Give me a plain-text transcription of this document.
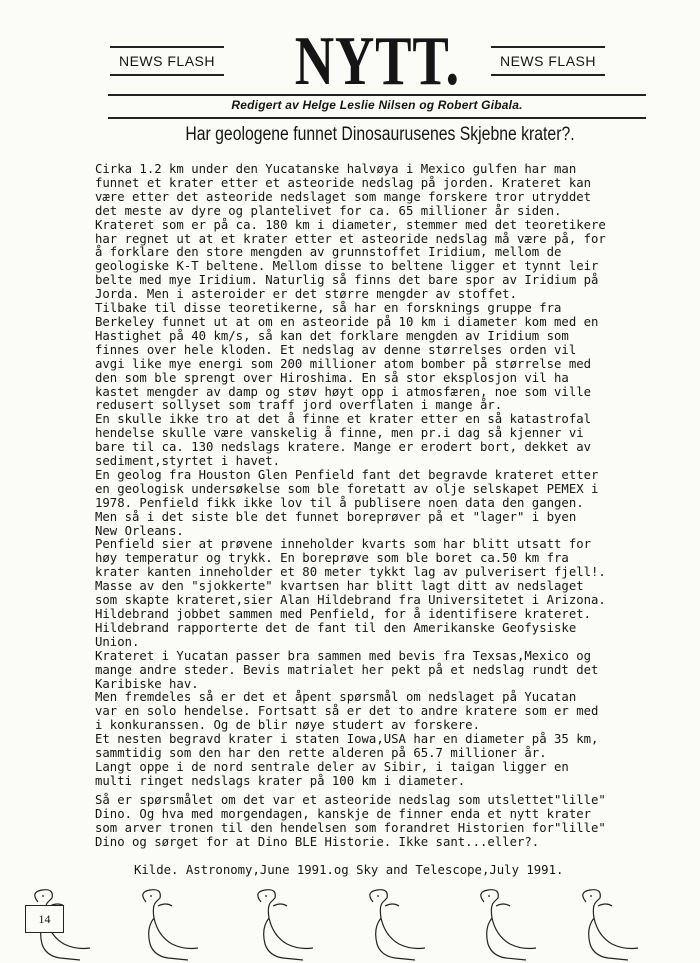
NEWS FLASH NYTT.	NEWS FLASH
Redigert av Helge Leslie Nilsen og Robert Gibala.
Har geologene funnet Dinosaurusenes Skjebne krater?.
Cirka 1.2 km under den Yucatanske halvøya i Mexico gulfen har man
funnet et krater etter et asteoride nedslag på jorden. Krateret kan
være etter det asteoride nedslaget som mange forskere tror utryddet
det meste av dyre og plantelivet for ca. 65 millioner år siden.
Krateret som er på ca. 180 km i diameter, stemmer med det teoretikere
har regnet ut at et krater etter et asteoride nedslag må være på, for
å forklare den store mengden av grunnstoffet Iridium, mellom de
geologiske K-T beltene. Mellom disse to beltene ligger et tynnt leir
belte med mye Iridium. Naturlig så finns det bare spor av Iridium på
Jorda. Men i asteroider er det større mengder av stoffet.
Tilbake til disse teoretikerne, så har en forsknings gruppe fra
Berkeley funnet ut at om en asteoride på 10 km i diameter kom med en
Hastighet på 40 km/s, så kan det forklare mengden av Iridium som
finnes over hele kloden. Et nedslag av denne størrelses orden vil
avgi like mye energi som 200 millioner atom bomber på størrelse med
den som ble sprengt over Hiroshima. En så stor eksplosjon vil ha
kastet mengder av damp og støv høyt opp i atmosfæren, noe som ville
redusert sollyset som traff jord overflaten i mange år.
En skulle ikke tro at det å finne et krater etter en så katastrofal
hendelse skulle være vanskelig å finne, men pr.i dag så kjenner vi
bare til ca. 130 nedslags kratere. Mange er erodert bort, dekket av
sediment,styrtet i havet.
En geolog fra Houston Glen Penfield fant det begravde krateret etter
en geologisk undersøkelse som ble foretatt av olje selskapet PEMEX i
1978. Penfield fikk ikke lov til å publisere noen data den gangen.
Men så i det siste ble det funnet boreprøver på et "lager" i byen
New Orleans.
Penfield sier at prøvene inneholder kvarts som har blitt utsatt for
høy temperatur og trykk. En boreprøve som ble boret ca.50 km fra
krater kanten inneholder et 80 meter tykkt lag av pulverisert fjell!.
Masse av den "sjokkerte" kvartsen har blitt lagt ditt av nedslaget
som skapte krateret,sier Alan Hildebrand fra Universitetet i Arizona.
Hildebrand jobbet sammen med Penfield, for å identifisere krateret.
Hildebrand rapporterte det de fant til den Amerikanske Geofysiske
Union.
Krateret i Yucatan passer bra sammen med bevis fra Texsas,Mexico og
mange andre steder. Bevis matrialet her pekt på et nedslag rundt det
Karibiske hav.
Men fremdeles så er det et åpent spørsmål om nedslaget på Yucatan
var en solo hendelse. Fortsatt så er det to andre kratere som er med
i konkuranssen. Og de blir nøye studert av forskere.
Et nesten begravd krater i staten Iowa,USA har en diameter på 35 km,
sammtidig som den har den rette alderen på 65.7 millioner år.
Langt oppe i de nord sentrale deler av Sibir, i taigan ligger en
multi ringet nedslags krater på 100 km i diameter.
Så er spørsmålet om det var et asteoride nedslag som utslettet"lille"
Dino. Og hva med morgendagen, kanskje de finner enda et nytt krater
som arver tronen til den hendelsen som forandret Historien for"lille"
Dino og sørget for at Dino BLE Historie. Ikke sant...eller?.
Kilde. Astronomy,June 1991.og Sky and Telescope,July 1991.
14
